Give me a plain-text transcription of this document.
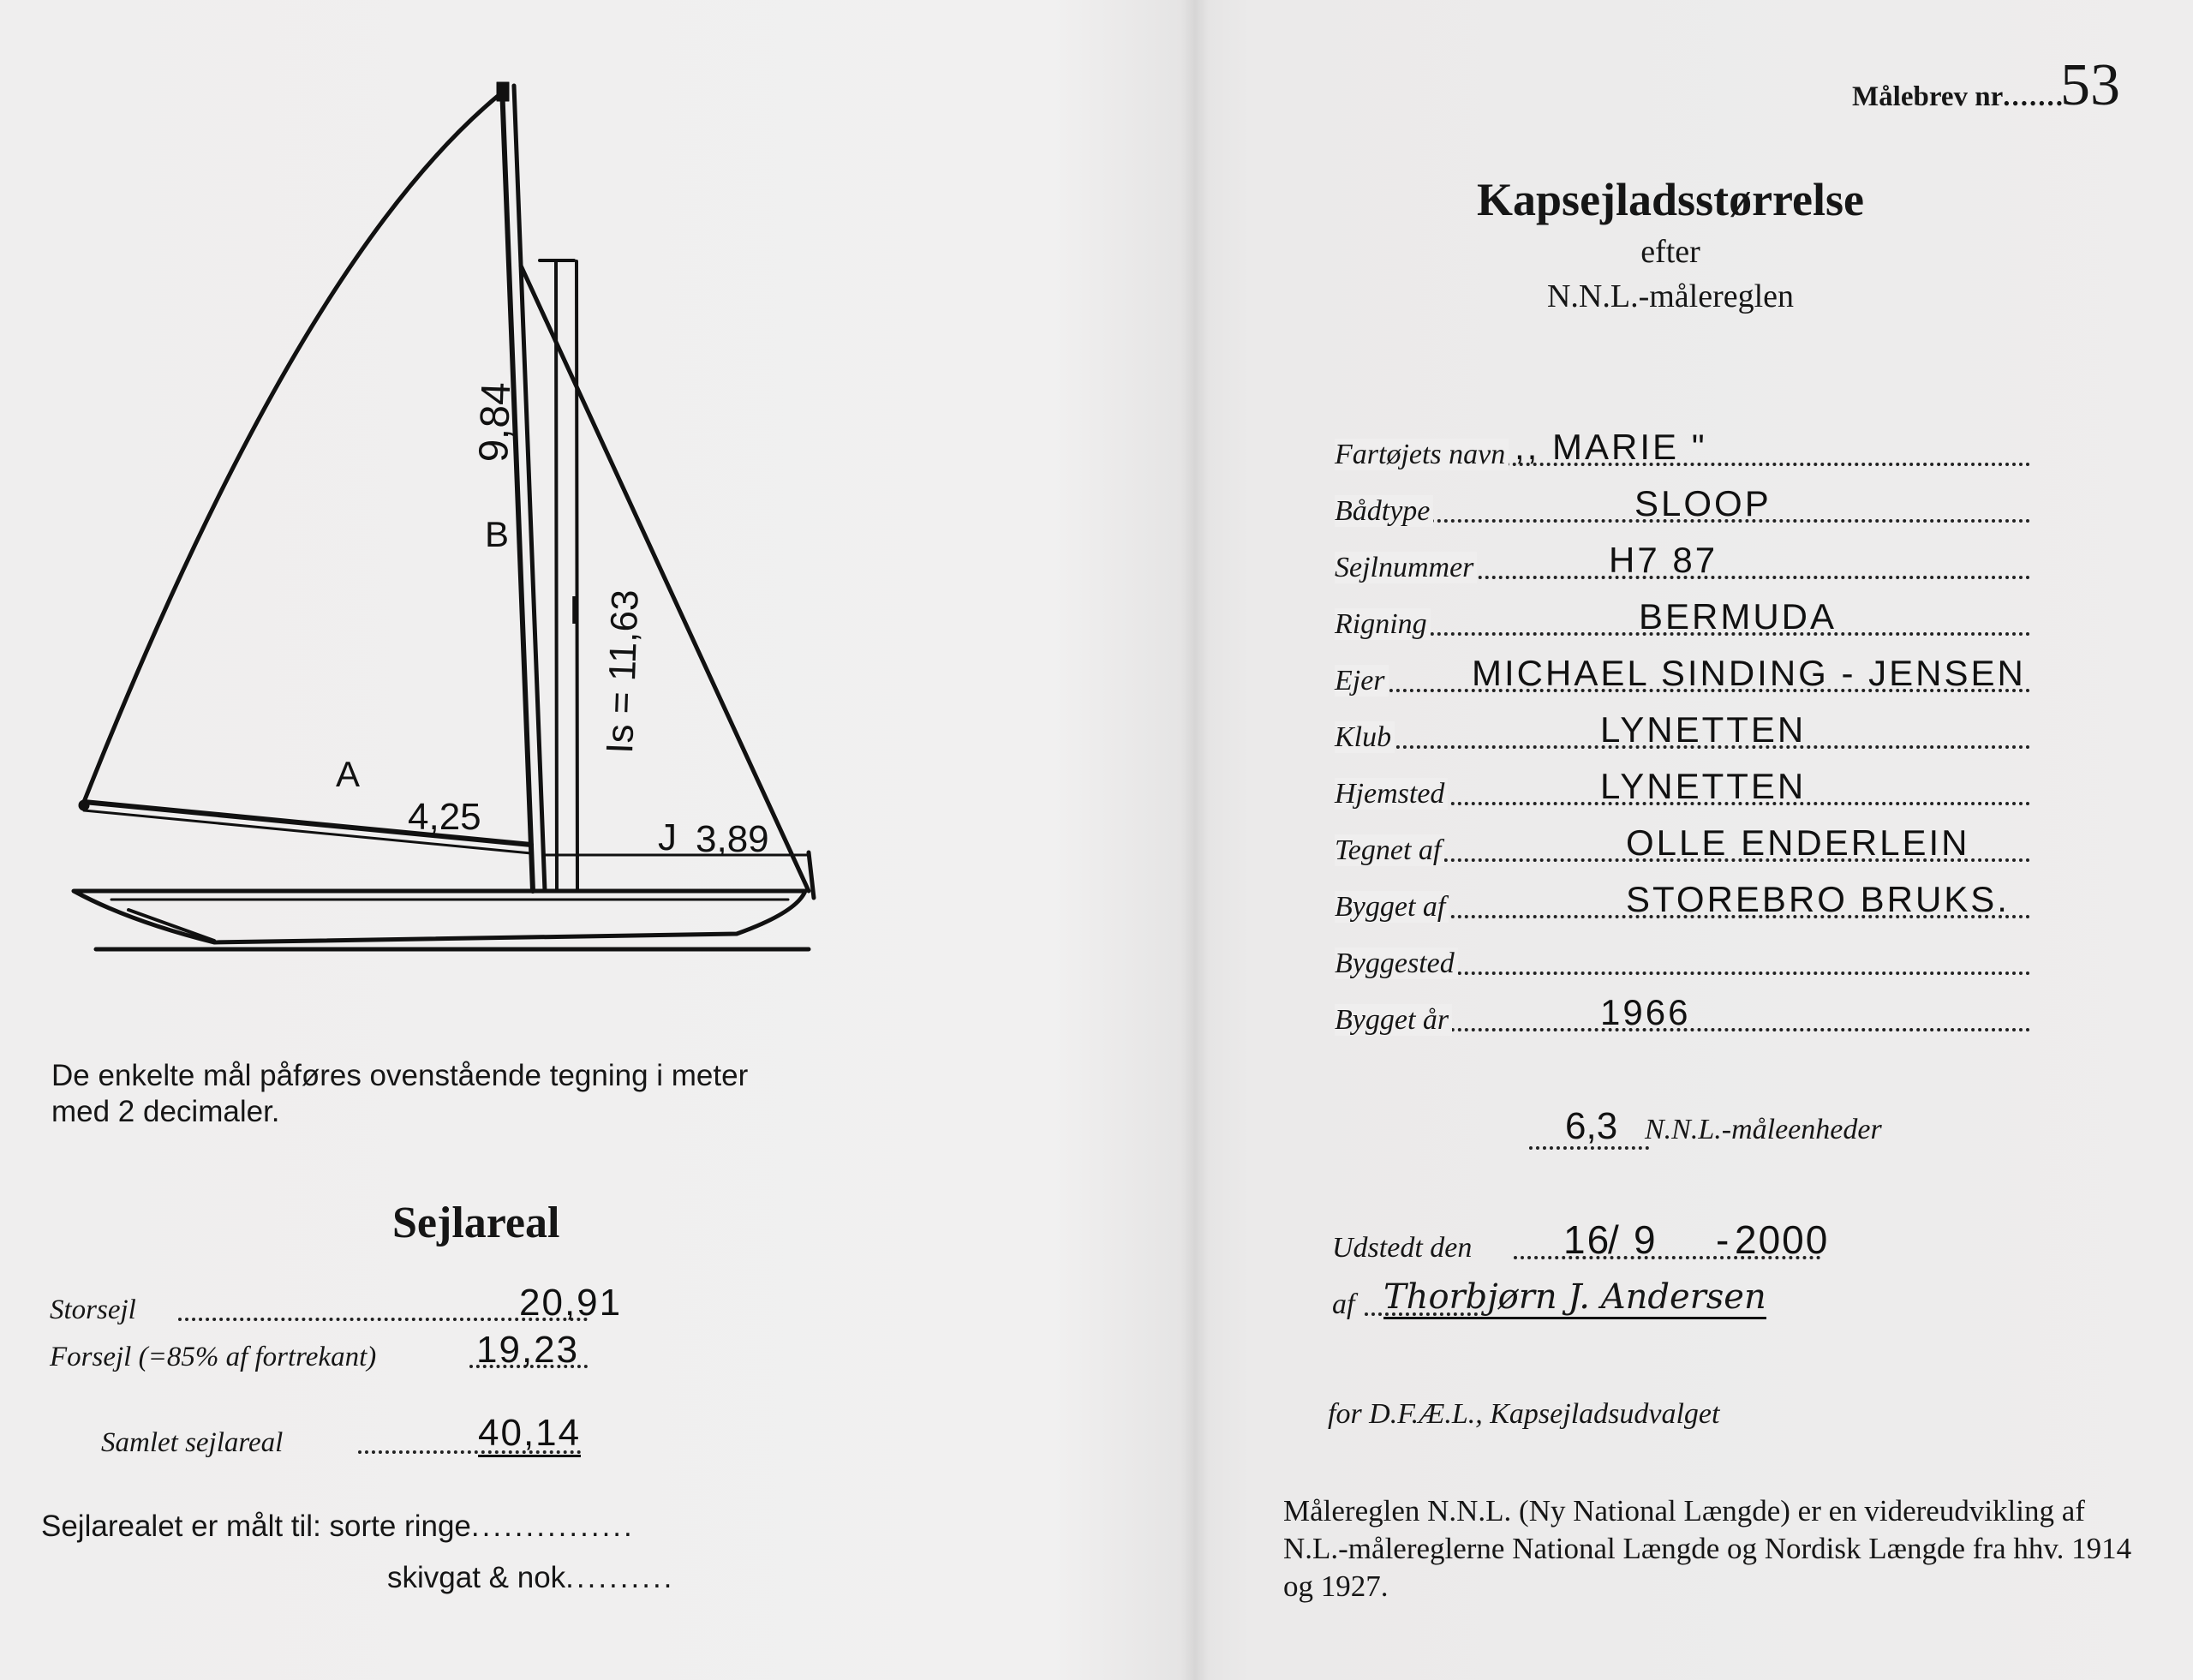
B
9,84
I Is = 11,63
A
4,25	J 3,89
De enkelte mål påføres ovenstående tegning i meter
med 2 decimaler.
Sejlareal
Storsejl	20,91
Forsejl (=85% af fortrekant)	19,23
Samlet sejlareal	40,14
Sejlarealet er målt til: sorte ringe...............
skivgat & nok..........
Målebrev nr.......
53
Kapsejladsstørrelse
efter
N.N.L.-målereglen
Fartøjets navn ,, MARIE "
Bådtype	SLOOP
Sejlnummer	H7 87
Rigning	BERMUDA
Ejer MICHAEL SINDING - JENSEN
Klub	LYNETTEN
Hjemsted	LYNETTEN
Tegnet af	OLLE ENDERLEIN
Bygget af	STOREBRO BRUKS.
Byggested
Bygget år	1966
6,3 N.N.L.-måleenheder
Udstedt den 16
/ 9 - 2000
af Thorbjørn J. Andersen
for D.F.Æ.L., Kapsejladsudvalget
Målereglen N.N.L. (Ny National Længde) er en videreudvikling af N.L.-målereglerne National Længde og Nordisk Længde fra hhv. 1914 og 1927.
